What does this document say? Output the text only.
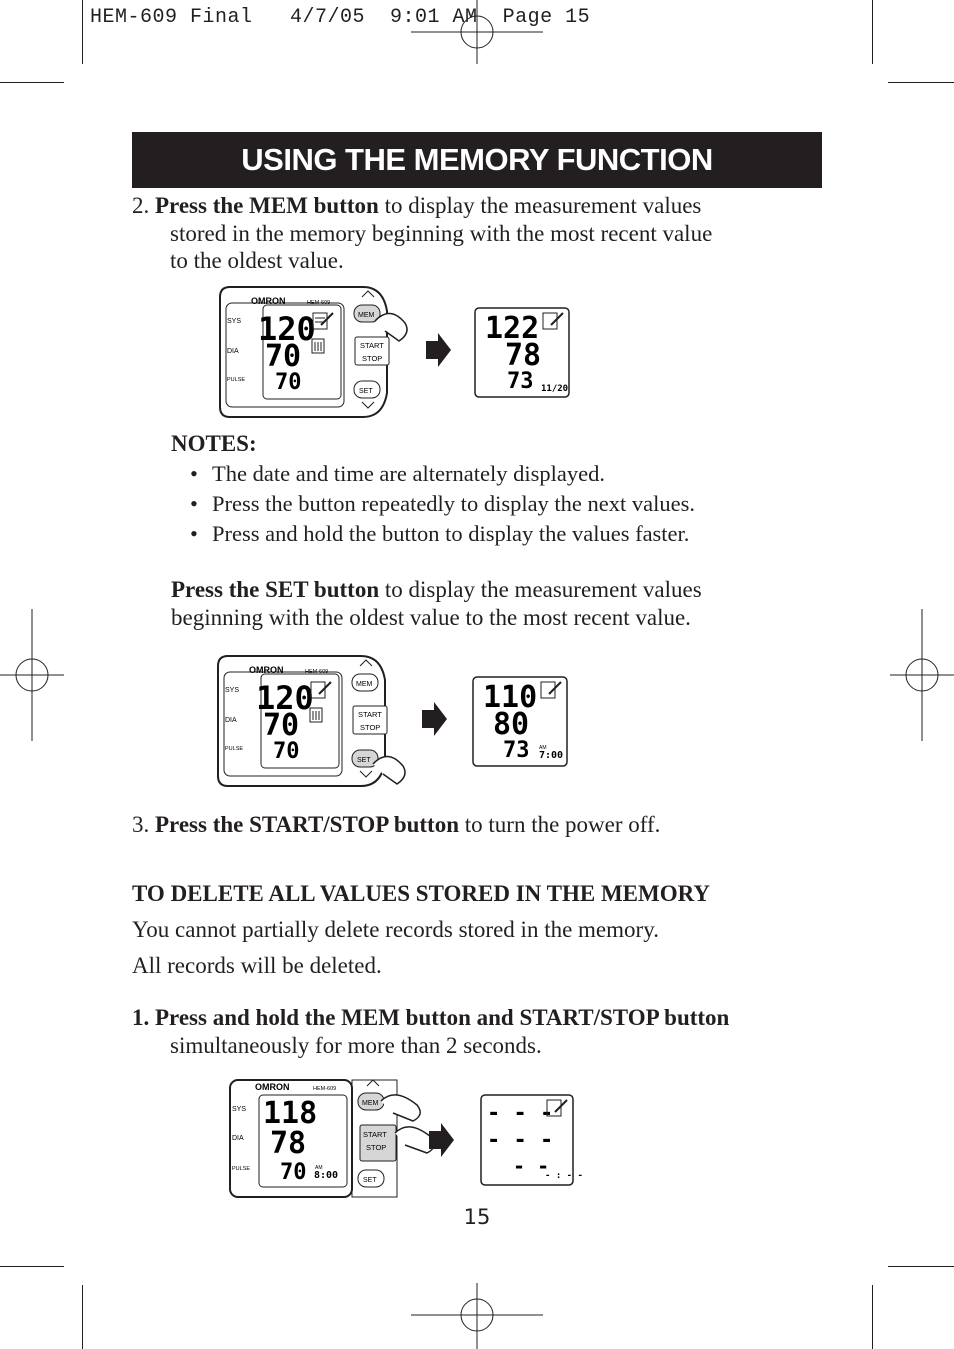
HEM-609 Final   4/7/05  9:01 AM  Page 15
USING THE MEMORY FUNCTION
2. Press the MEM button to display the measurement values
stored in the memory beginning with the most recent value
to the oldest value.
OMRON	HEM-609
SYS
DIA
PULSE
120
70
70
MEM
START
STOP
SET
122
78
73 11/20
NOTES:
• The date and time are alternately displayed.
• Press the button repeatedly to display the next values.
• Press and hold the button to display the values faster.
Press the SET button to display the measurement values
beginning with the oldest value to the most recent value.
OMRON	HEM-609
SYS
DIA
PULSE
120
70
70
MEM
START
STOP
SET
110
80
73 AM
7:00
3. Press the START/STOP button to turn the power off.
TO DELETE ALL VALUES STORED IN THE MEMORY
You cannot partially delete records stored in the memory.
All records will be deleted.
1. Press and hold the MEM button and START/STOP button
simultaneously for more than 2 seconds.
OMRON	HEM-609
SYS
DIA
PULSE
118
78
70 AM
8:00
MEM
START
STOP
SET
- - -
- - -
- -
- : - -
15
